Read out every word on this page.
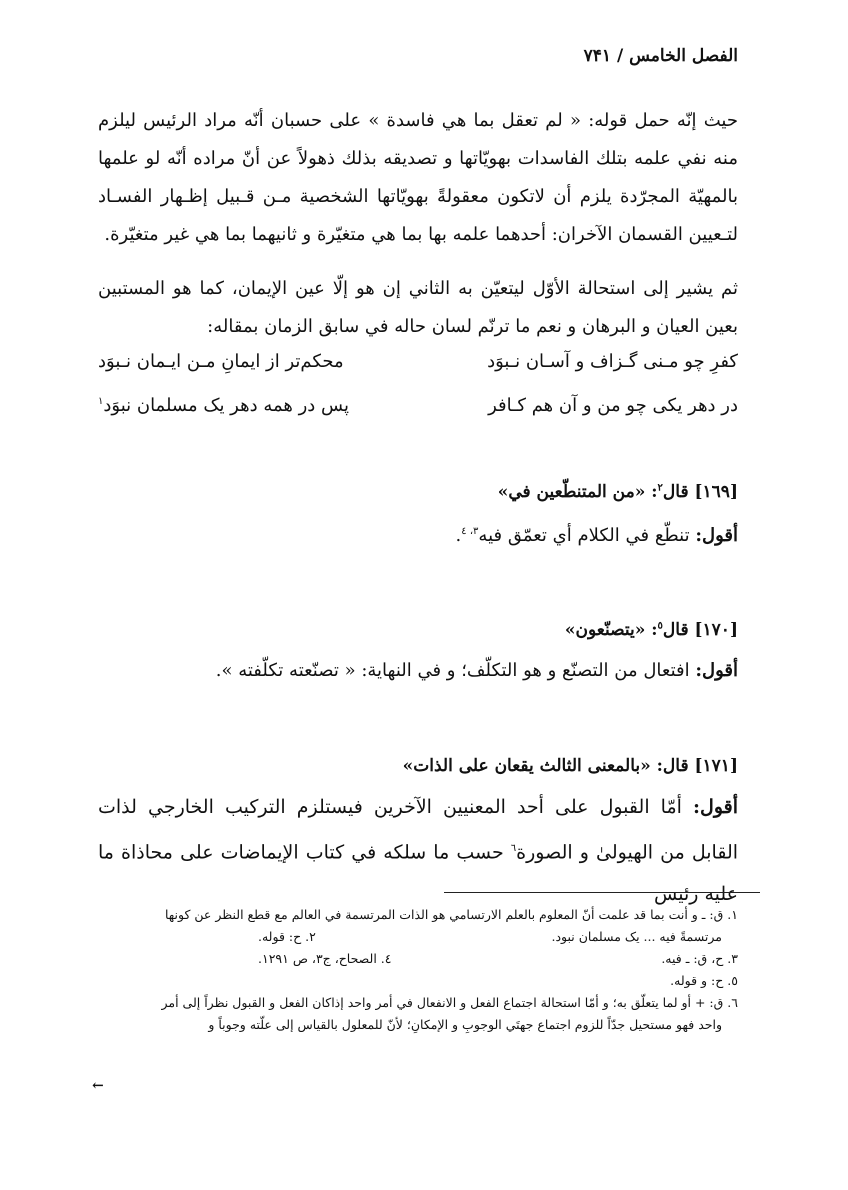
الفصل الخامس / ۷۴۱
حيث إنّه حمل قوله: « لم تعقل بما هي فاسدة » على حسبان أنّه مراد الرئيس ليلزم منه نفي علمه بتلك الفاسدات بهويّاتها و تصديقه بذلك ذهولاً عن أنّ مراده أنّه لو علمها بالمهيّة المجرّدة يلزم أن لاتكون معقولةً بهويّاتها الشخصية مـن قـبيل إظـهار الفسـاد لتـعيين القسمان الآخران: أحدهما علمه بها بما هي متغيّرة و ثانيهما بما هي غير متغيّرة.
ثم يشير إلى استحالة الأوّل ليتعيّن به الثاني إن هو إلّا عين الإيمان، كما هو المستبين بعين العيان و البرهان و نعم ما ترنّم لسان حاله في سابق الزمان بمقاله:
كفرِ چو مـنى گـزاف و آسـان نـبوَد
محكم‌تر از ايمانِ مـن ايـمان نـبوَد
در دهر يكى چو من و آن هم كـافر
پس در همه دهر يک مسلمان نبوَد$^١$
[١٦٩] قال$^٢$: «من المتنطّعين في»
أقول: تنطّع في الكلام أي تعمّق فيه$^{٣، ٤}$.
[١٧٠] قال$^٥$: «يتصنّعون»
أقول: افتعال من التصنّع و هو التكلّف؛ و في النهاية: « تصنّعته تكلّفته ».
[١٧١] قال: «بالمعنى الثالث يقعان على الذات»
أقول: أمّا القبول على أحد المعنيين الآخرين فيستلزم التركيب الخارجي لذات القابل من الهيولىٰ و الصورة$^٦$ حسب ما سلكه في كتاب الإيماضات على محاذاة ما عليه رئيس
١. ق: ـ و أنت بما قد علمت أنّ المعلوم بالعلم الارتسامي هو الذات المرتسمة في العالم مع قطع النظر عن كونها
مرتسمةً فيه ... يک مسلمان نبود.
٢. ح: قوله.
٣. ح، ق: ـ فيه.
٤. الصحاح، ج٣، ص ١٢٩١.
٥. ح: و قوله.
٦. ق: + أو لما يتعلّق به؛ و أمّا استحالة اجتماع الفعل و الانفعال في أمر واحد إذاكان الفعل و القبول نظراً إلى أمر
واحد فهو مستحيل جدّاً للزوم اجتماع جهتَي الوجوبِ و الإمكانِ؛ لأنّ للمعلول بالقياس إلى علّته وجوباً و
←
